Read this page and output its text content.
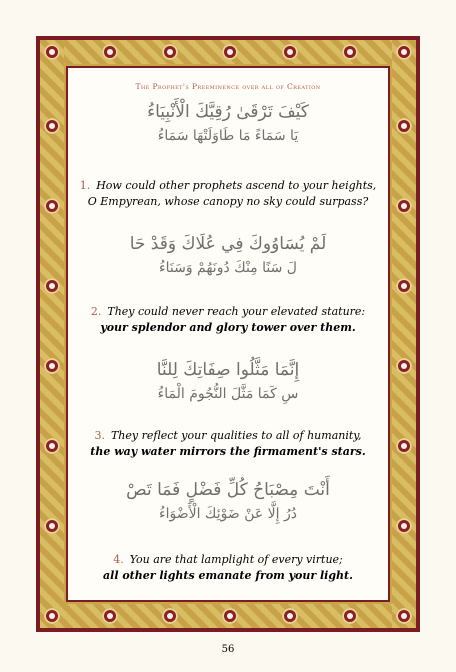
The Prophet's Preeminence over all of Creation
كَيْفَ تَرْقَىٰ رُقِيَّكَ الْأَنْبِيَاءُ
يَا سَمَاءً مَا طَاوَلَتْهَا سَمَاءُ
1. How could other prophets ascend to your heights,
O Empyrean, whose canopy no sky could surpass?
لَمْ يُسَاوُوكَ فِي عُلَاكَ وَقَدْ حَا
لَ سَنًا مِنْكَ دُونَهُمْ وَسَنَاءُ
2. They could never reach your elevated stature:
your splendor and glory tower over them.
إِنَّمَا مَثَّلُوا صِفَاتِكَ لِلنَّا
سِ كَمَا مَثَّلَ النُّجُومَ الْمَاءُ
3. They reflect your qualities to all of humanity,
the way water mirrors the firmament's stars.
أَنْتَ مِصْبَاحُ كُلِّ فَضْلٍ فَمَا تَصْ
دُرُ إِلَّا عَنْ ضَوْئِكَ الْأَضْوَاءُ
4. You are that lamplight of every virtue;
all other lights emanate from your light.
56
